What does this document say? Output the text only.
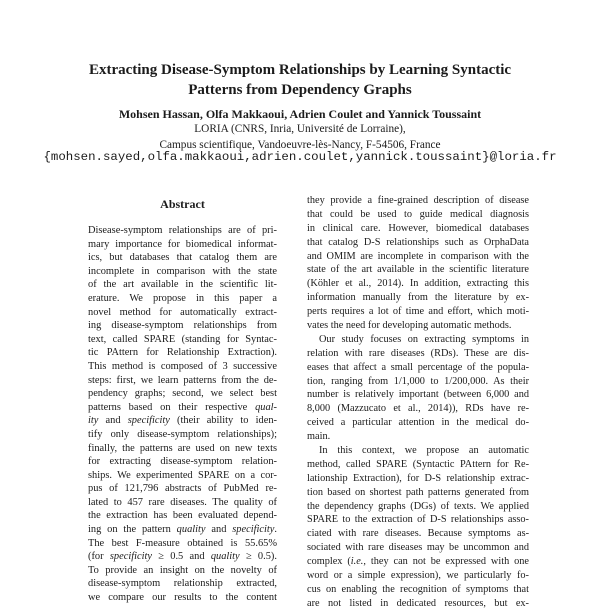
Extracting Disease-Symptom Relationships by Learning Syntactic
Patterns from Dependency Graphs
Mohsen Hassan, Olfa Makkaoui, Adrien Coulet and Yannick Toussaint
LORIA (CNRS, Inria, Université de Lorraine),
Campus scientifique, Vandoeuvre-lès-Nancy, F-54506, France
{mohsen.sayed,olfa.makkaoui,adrien.coulet,yannick.toussaint}@loria.fr
Abstract
Disease-symptom relationships are of pri-
mary importance for biomedical informat-
ics, but databases that catalog them are
incomplete in comparison with the state
of the art available in the scientific lit-
erature. We propose in this paper a
novel method for automatically extract-
ing disease-symptom relationships from
text, called SPARE (standing for Syntac-
tic PAttern for Relationship Extraction).
This method is composed of 3 successive
steps: first, we learn patterns from the de-
pendency graphs; second, we select best
patterns based on their respective qual-
ity and specificity (their ability to iden-
tify only disease-symptom relationships);
finally, the patterns are used on new texts
for extracting disease-symptom relation-
ships. We experimented SPARE on a cor-
pus of 121,796 abstracts of PubMed re-
lated to 457 rare diseases. The quality of
the extraction has been evaluated depend-
ing on the pattern quality and specificity.
The best F-measure obtained is 55.65%
(for specificity ≥ 0.5 and quality ≥ 0.5).
To provide an insight on the novelty of
disease-symptom relationship extracted,
we compare our results to the content
they provide a fine-grained description of disease
that could be used to guide medical diagnosis
in clinical care. However, biomedical databases
that catalog D-S relationships such as OrphaData
and OMIM are incomplete in comparison with the
state of the art available in the scientific literature
(Köhler et al., 2014). In addition, extracting this
information manually from the literature by ex-
perts requires a lot of time and effort, which moti-
vates the need for developing automatic methods.
Our study focuses on extracting symptoms in
relation with rare diseases (RDs). These are dis-
eases that affect a small percentage of the popula-
tion, ranging from 1/1,000 to 1/200,000. As their
number is relatively important (between 6,000 and
8,000 (Mazzucato et al., 2014)), RDs have re-
ceived a particular attention in the medical do-
main.
In this context, we propose an automatic
method, called SPARE (Syntactic PAttern for Re-
lationship Extraction), for D-S relationship extrac-
tion based on shortest path patterns generated from
the dependency graphs (DGs) of texts. We applied
SPARE to the extraction of D-S relationships asso-
ciated with rare diseases. Because symptoms as-
sociated with rare diseases may be uncommon and
complex (i.e., they can not be expressed with one
word or a simple expression), we particularly fo-
cus on enabling the recognition of symptoms that
are not listed in dedicated resources, but ex-
